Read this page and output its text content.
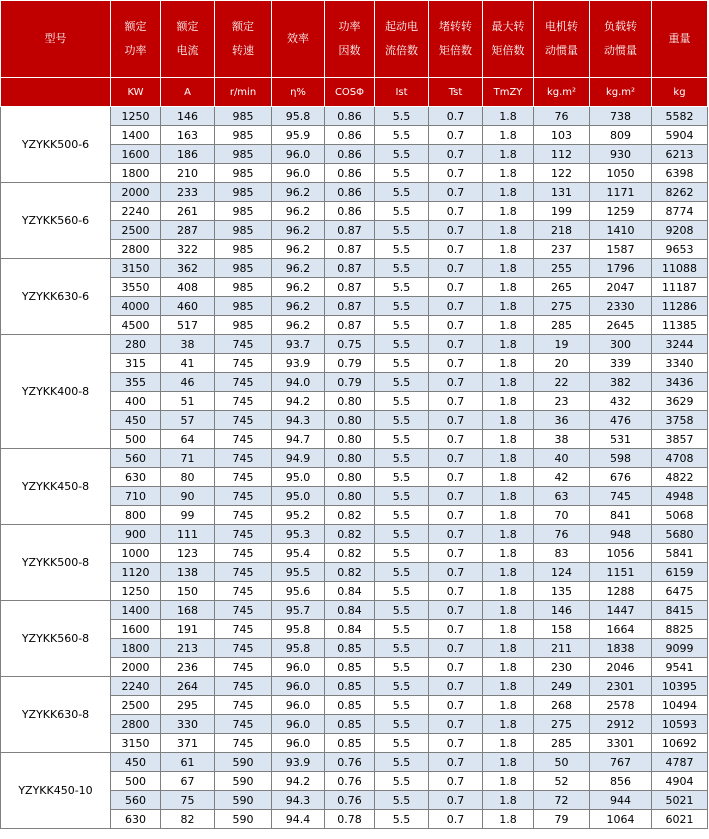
型号	额定功率	额定电流	额定转速	效率	功率因数	起动电流倍数	堵转转矩倍数	最大转矩倍数	电机转动惯量	负载转动惯量	重量
	KW	A	r/min	η%	COSΦ	Ist	Tst	TmZY	kg.m²	kg.m²	kg
YZYKK500-6	1250	146	985	95.8	0.86	5.5	0.7	1.8	76	738	5582
	1400	163	985	95.9	0.86	5.5	0.7	1.8	103	809	5904
	1600	186	985	96.0	0.86	5.5	0.7	1.8	112	930	6213
	1800	210	985	96.0	0.86	5.5	0.7	1.8	122	1050	6398
YZYKK560-6	2000	233	985	96.2	0.86	5.5	0.7	1.8	131	1171	8262
	2240	261	985	96.2	0.86	5.5	0.7	1.8	199	1259	8774
	2500	287	985	96.2	0.87	5.5	0.7	1.8	218	1410	9208
	2800	322	985	96.2	0.87	5.5	0.7	1.8	237	1587	9653
YZYKK630-6	3150	362	985	96.2	0.87	5.5	0.7	1.8	255	1796	11088
	3550	408	985	96.2	0.87	5.5	0.7	1.8	265	2047	11187
	4000	460	985	96.2	0.87	5.5	0.7	1.8	275	2330	11286
	4500	517	985	96.2	0.87	5.5	0.7	1.8	285	2645	11385
YZYKK400-8	280	38	745	93.7	0.75	5.5	0.7	1.8	19	300	3244
	315	41	745	93.9	0.79	5.5	0.7	1.8	20	339	3340
	355	46	745	94.0	0.79	5.5	0.7	1.8	22	382	3436
	400	51	745	94.2	0.80	5.5	0.7	1.8	23	432	3629
	450	57	745	94.3	0.80	5.5	0.7	1.8	36	476	3758
	500	64	745	94.7	0.80	5.5	0.7	1.8	38	531	3857
YZYKK450-8	560	71	745	94.9	0.80	5.5	0.7	1.8	40	598	4708
	630	80	745	95.0	0.80	5.5	0.7	1.8	42	676	4822
	710	90	745	95.0	0.80	5.5	0.7	1.8	63	745	4948
	800	99	745	95.2	0.82	5.5	0.7	1.8	70	841	5068
YZYKK500-8	900	111	745	95.3	0.82	5.5	0.7	1.8	76	948	5680
	1000	123	745	95.4	0.82	5.5	0.7	1.8	83	1056	5841
	1120	138	745	95.5	0.82	5.5	0.7	1.8	124	1151	6159
	1250	150	745	95.6	0.84	5.5	0.7	1.8	135	1288	6475
YZYKK560-8	1400	168	745	95.7	0.84	5.5	0.7	1.8	146	1447	8415
	1600	191	745	95.8	0.84	5.5	0.7	1.8	158	1664	8825
	1800	213	745	95.8	0.85	5.5	0.7	1.8	211	1838	9099
	2000	236	745	96.0	0.85	5.5	0.7	1.8	230	2046	9541
YZYKK630-8	2240	264	745	96.0	0.85	5.5	0.7	1.8	249	2301	10395
	2500	295	745	96.0	0.85	5.5	0.7	1.8	268	2578	10494
	2800	330	745	96.0	0.85	5.5	0.7	1.8	275	2912	10593
	3150	371	745	96.0	0.85	5.5	0.7	1.8	285	3301	10692
YZYKK450-10	450	61	590	93.9	0.76	5.5	0.7	1.8	50	767	4787
	500	67	590	94.2	0.76	5.5	0.7	1.8	52	856	4904
	560	75	590	94.3	0.76	5.5	0.7	1.8	72	944	5021
	630	82	590	94.4	0.78	5.5	0.7	1.8	79	1064	6021
